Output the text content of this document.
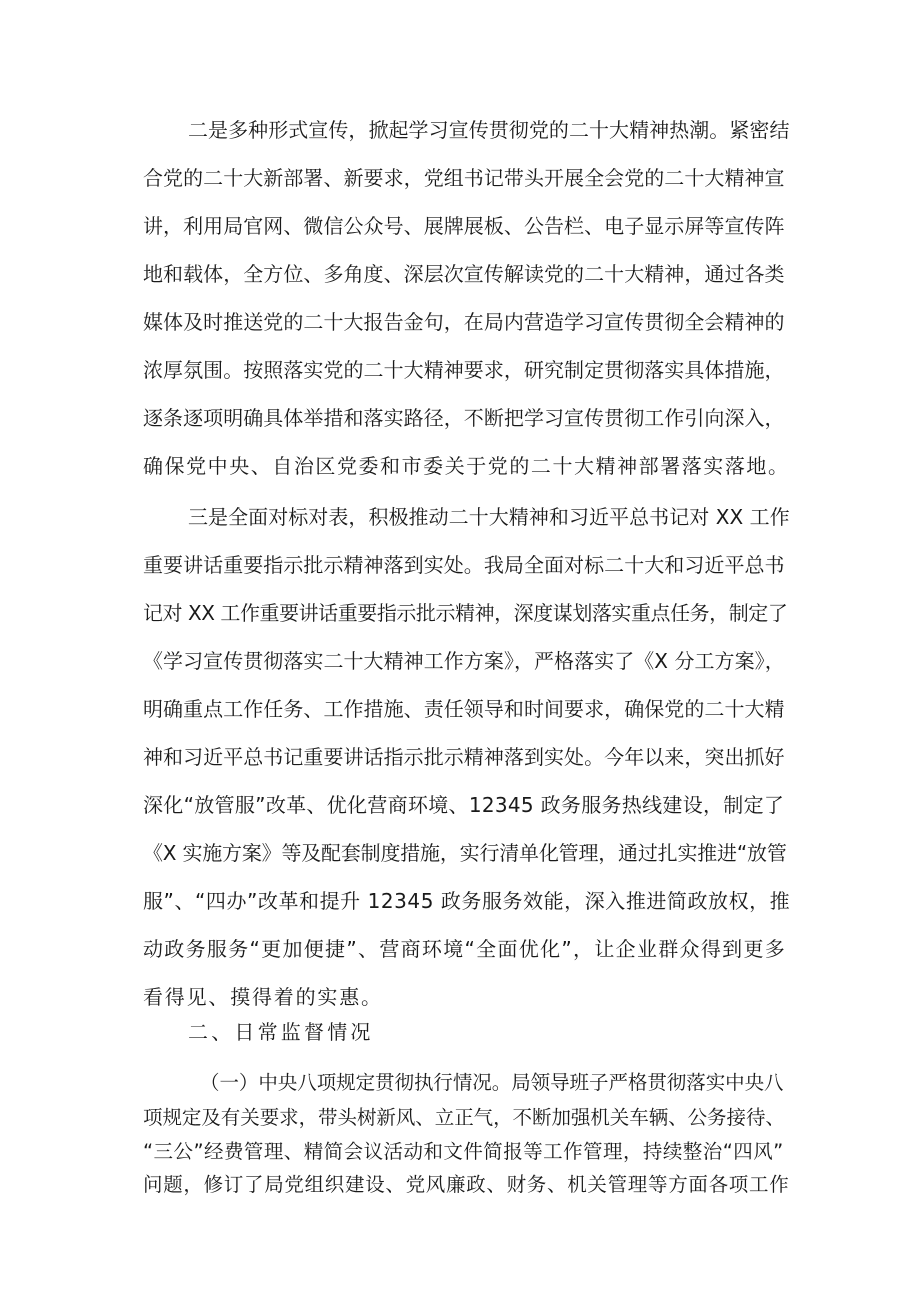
二是多种形式宣传，掀起学习宣传贯彻党的二十大精神热潮。紧密结
合党的二十大新部署、新要求，党组书记带头开展全会党的二十大精神宣
讲，利用局官网、微信公众号、展牌展板、公告栏、电子显示屏等宣传阵
地和载体，全方位、多角度、深层次宣传解读党的二十大精神，通过各类
媒体及时推送党的二十大报告金句，在局内营造学习宣传贯彻全会精神的
浓厚氛围。按照落实党的二十大精神要求，研究制定贯彻落实具体措施，
逐条逐项明确具体举措和落实路径，不断把学习宣传贯彻工作引向深入，
确保党中央、自治区党委和市委关于党的二十大精神部署落实落地。
三是全面对标对表，积极推动二十大精神和习近平总书记对 XX 工作
重要讲话重要指示批示精神落到实处。我局全面对标二十大和习近平总书
记对 XX 工作重要讲话重要指示批示精神，深度谋划落实重点任务，制定了
《学习宣传贯彻落实二十大精神工作方案》，严格落实了《X 分工方案》，
明确重点工作任务、工作措施、责任领导和时间要求，确保党的二十大精
神和习近平总书记重要讲话指示批示精神落到实处。今年以来，突出抓好
深化“放管服”改革、优化营商环境、12345 政务服务热线建设，制定了
《X 实施方案》等及配套制度措施，实行清单化管理，通过扎实推进“放管
服”、“四办”改革和提升 12345 政务服务效能，深入推进简政放权，推
动政务服务“更加便捷”、营商环境“全面优化”，让企业群众得到更多
看得见、摸得着的实惠。
二、日常监督情况
（一）中央八项规定贯彻执行情况。局领导班子严格贯彻落实中央八
项规定及有关要求，带头树新风、立正气，不断加强机关车辆、公务接待、
“三公”经费管理、精简会议活动和文件简报等工作管理，持续整治“四风”
问题，修订了局党组织建设、党风廉政、财务、机关管理等方面各项工作
